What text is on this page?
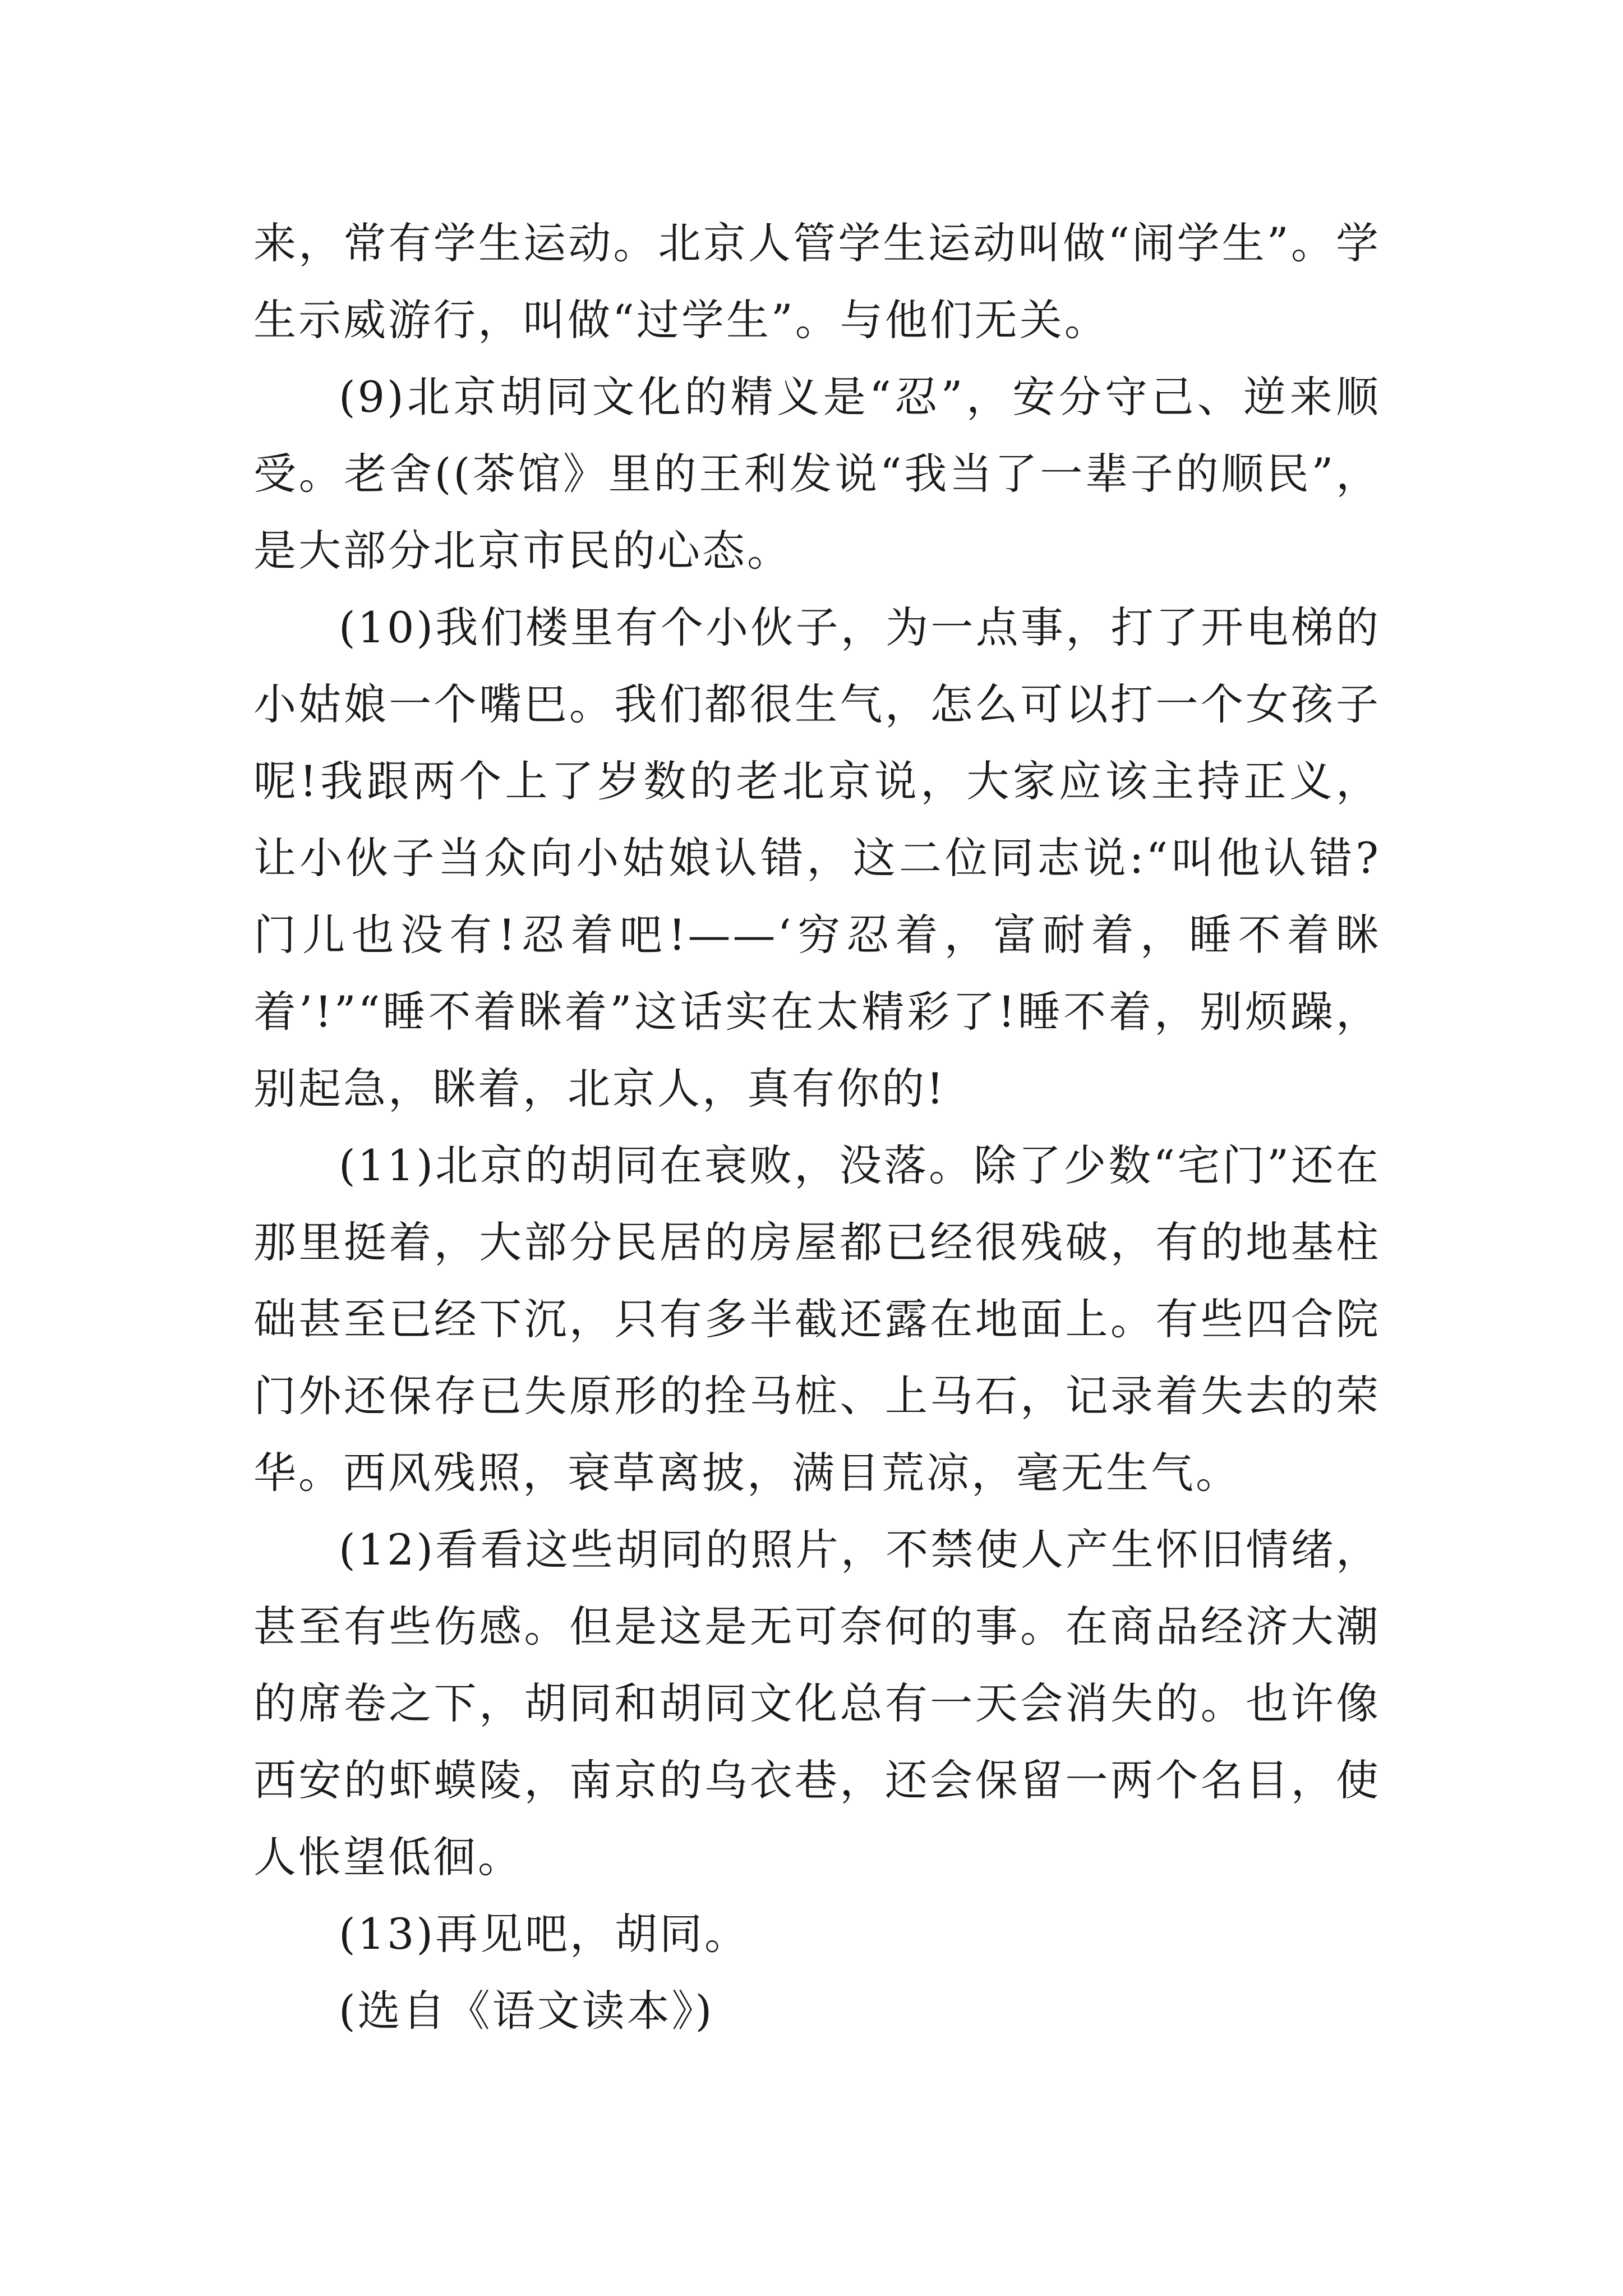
来，常有学生运动。北京人管学生运动叫做“闹学生”。学生示威游行，叫做“过学生”。与他们无关。

(9)北京胡同文化的精义是“忍”，安分守己、逆来顺受。老舍((茶馆》里的王利发说“我当了一辈子的顺民”，是大部分北京市民的心态。

(10)我们楼里有个小伙子，为一点事，打了开电梯的小姑娘一个嘴巴。我们都很生气，怎么可以打一个女孩子呢!我跟两个上了岁数的老北京说，大家应该主持正义，让小伙子当众向小姑娘认错，这二位同志说:“叫他认错?门儿也没有!忍着吧!——‘穷忍着，富耐着，睡不着眯着’!”“睡不着眯着”这话实在太精彩了!睡不着，别烦躁，别起急，眯着，北京人，真有你的!

(11)北京的胡同在衰败，没落。除了少数“宅门”还在那里挺着，大部分民居的房屋都已经很残破，有的地基柱础甚至已经下沉，只有多半截还露在地面上。有些四合院门外还保存已失原形的拴马桩、上马石，记录着失去的荣华。西风残照，衰草离披，满目荒凉，毫无生气。

(12)看看这些胡同的照片，不禁使人产生怀旧情绪，甚至有些伤感。但是这是无可奈何的事。在商品经济大潮的席卷之下，胡同和胡同文化总有一天会消失的。也许像西安的虾蟆陵，南京的乌衣巷，还会保留一两个名目，使人怅望低徊。

(13)再见吧，胡同。

(选自《语文读本》)
